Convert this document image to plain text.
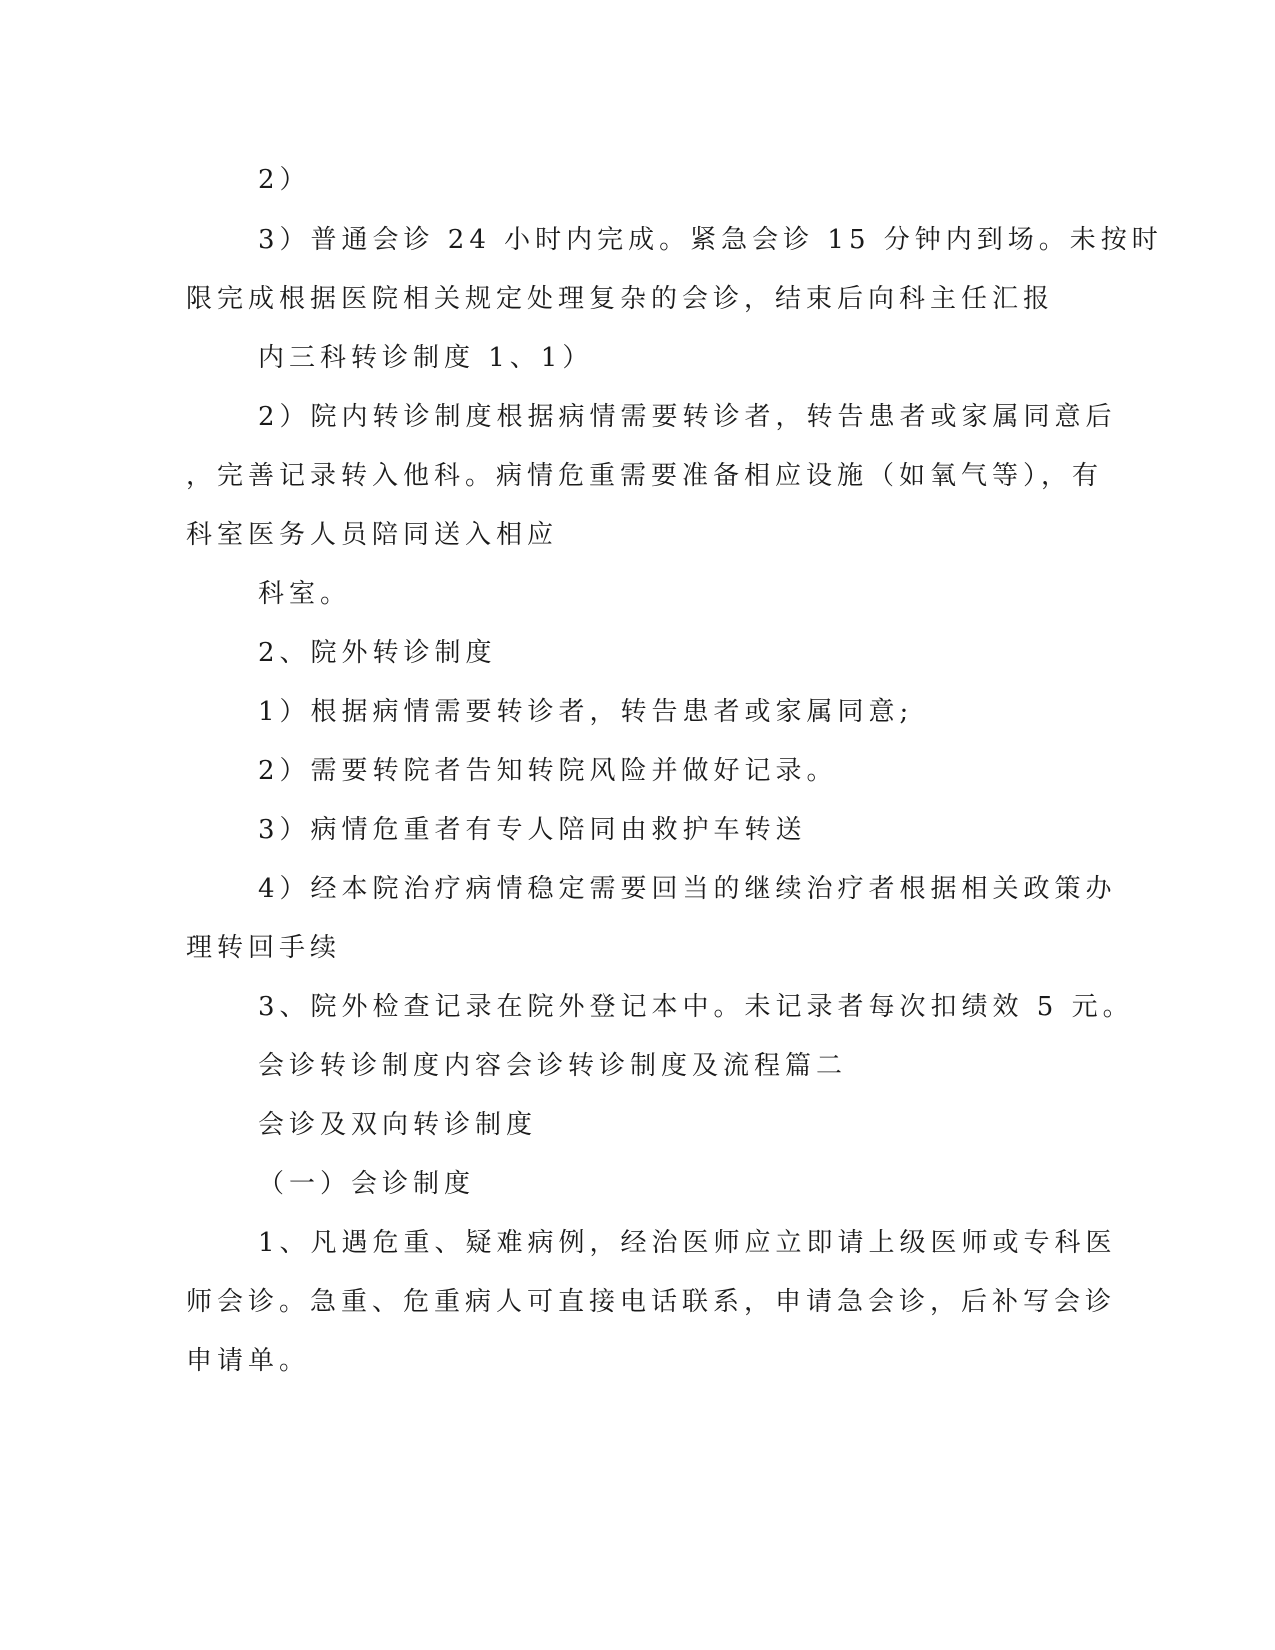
2）
3）普通会诊 24 小时内完成。紧急会诊 15 分钟内到场。未按时
限完成根据医院相关规定处理复杂的会诊，结束后向科主任汇报
内三科转诊制度 1、1）
2）院内转诊制度根据病情需要转诊者，转告患者或家属同意后
，完善记录转入他科。病情危重需要准备相应设施（如氧气等），有
科室医务人员陪同送入相应
科室。
2、院外转诊制度
1）根据病情需要转诊者，转告患者或家属同意;
2）需要转院者告知转院风险并做好记录。
3）病情危重者有专人陪同由救护车转送
4）经本院治疗病情稳定需要回当的继续治疗者根据相关政策办
理转回手续
3、院外检查记录在院外登记本中。未记录者每次扣绩效 5 元。
会诊转诊制度内容会诊转诊制度及流程篇二
会诊及双向转诊制度
（一）会诊制度
1、凡遇危重、疑难病例，经治医师应立即请上级医师或专科医
师会诊。急重、危重病人可直接电话联系，申请急会诊，后补写会诊
申请单。
